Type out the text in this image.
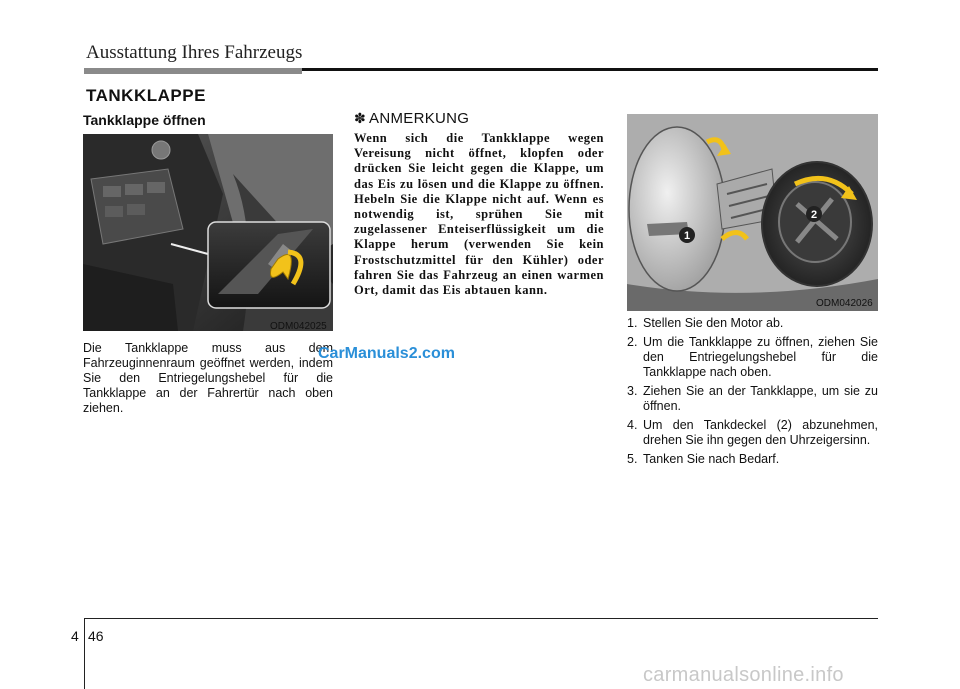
Ausstattung Ihres Fahrzeugs
TANKKLAPPE
Tankklappe öffnen
ODM042025
Die Tankklappe muss aus dem Fahrzeuginnenraum geöffnet werden, indem Sie den Entriegelungshebel für die Tankklappe an der Fahrertür nach oben ziehen.
CarManuals2.com
✽ ANMERKUNG
Wenn sich die Tankklappe wegen Vereisung nicht öffnet, klopfen oder drücken Sie leicht gegen die Klappe, um das Eis zu lösen und die Klappe zu öffnen. Hebeln Sie die Klappe nicht auf. Wenn es notwendig ist, sprühen Sie mit zugelassener Enteiserflüssigkeit um die Klappe herum (verwenden Sie kein Frostschutzmittel für den Kühler) oder fahren Sie das Fahrzeug an einen warmen Ort, damit das Eis abtauen kann.
1
2
ODM042026
1. Stellen Sie den Motor ab.
2. Um die Tankklappe zu öffnen, ziehen Sie den Entriegelungshebel für die Tankklappe nach oben.
3. Ziehen Sie an der Tankklappe, um sie zu öffnen.
4. Um den Tankdeckel (2) abzunehmen, drehen Sie ihn gegen den Uhrzeigersinn.
5. Tanken Sie nach Bedarf.
4 46
carmanualsonline.info
